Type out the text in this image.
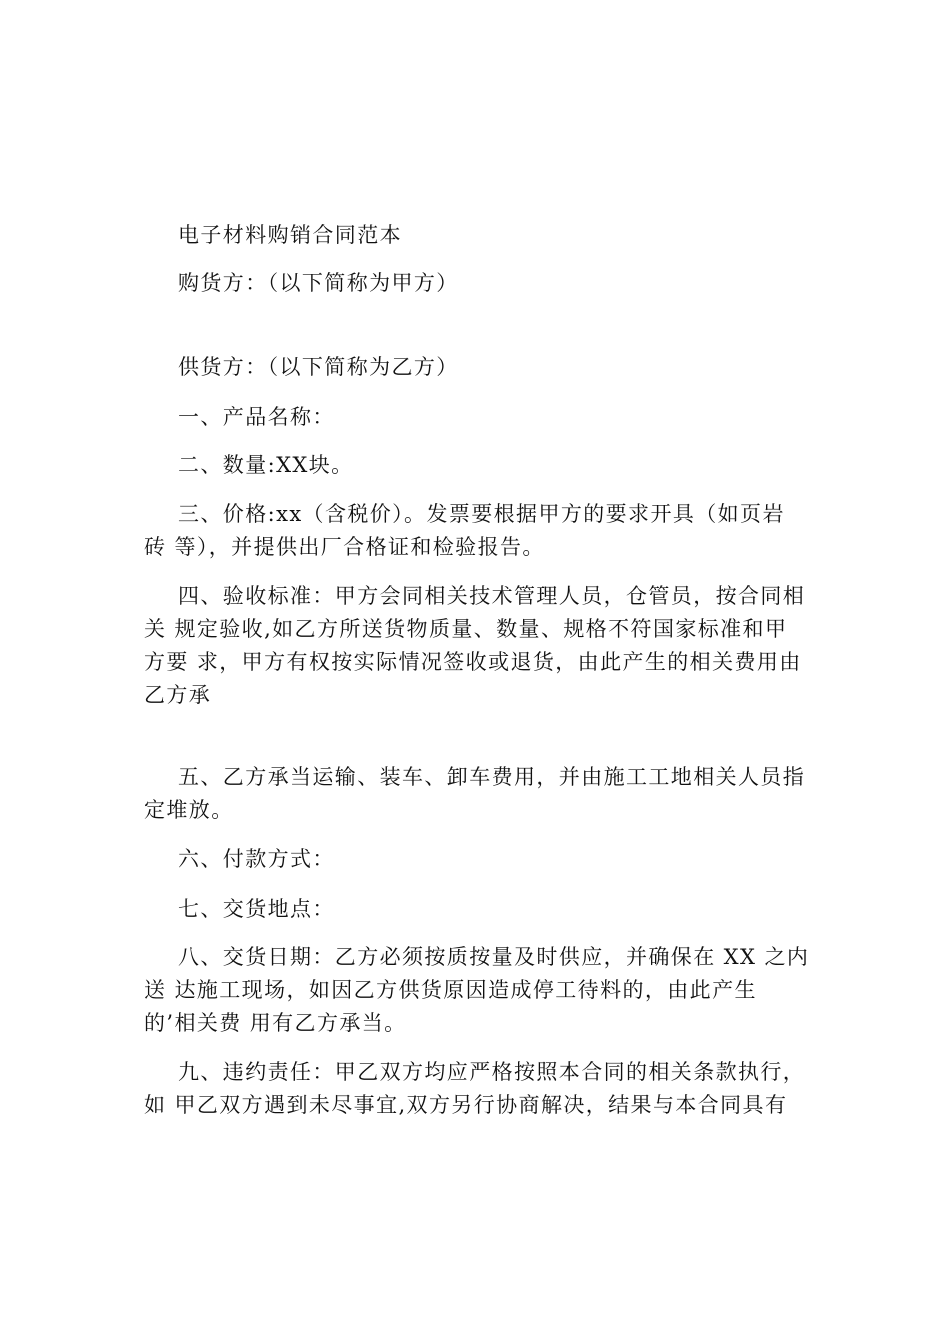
电子材料购销合同范本
购货方：（以下简称为甲方）
供货方：（以下简称为乙方）
一、产品名称：
二、数量:XX块。
三、价格:xx（含税价）。发票要根据甲方的要求开具（如页岩
砖 等），并提供出厂合格证和检验报告。
四、验收标准：甲方会同相关技术管理人员，仓管员，按合同相
关 规定验收,如乙方所送货物质量、数量、规格不符国家标准和甲
方要 求，甲方有权按实际情况签收或退货，由此产生的相关费用由
乙方承
五、乙方承当运输、装车、卸车费用，并由施工工地相关人员指
定堆放。
六、付款方式：
七、交货地点：
八、交货日期：乙方必须按质按量及时供应，并确保在 XX 之内
送 达施工现场，如因乙方供货原因造成停工待料的，由此产生
的’相关费 用有乙方承当。
九、违约责任：甲乙双方均应严格按照本合同的相关条款执行，
如 甲乙双方遇到未尽事宜,双方另行协商解决，结果与本合同具有
